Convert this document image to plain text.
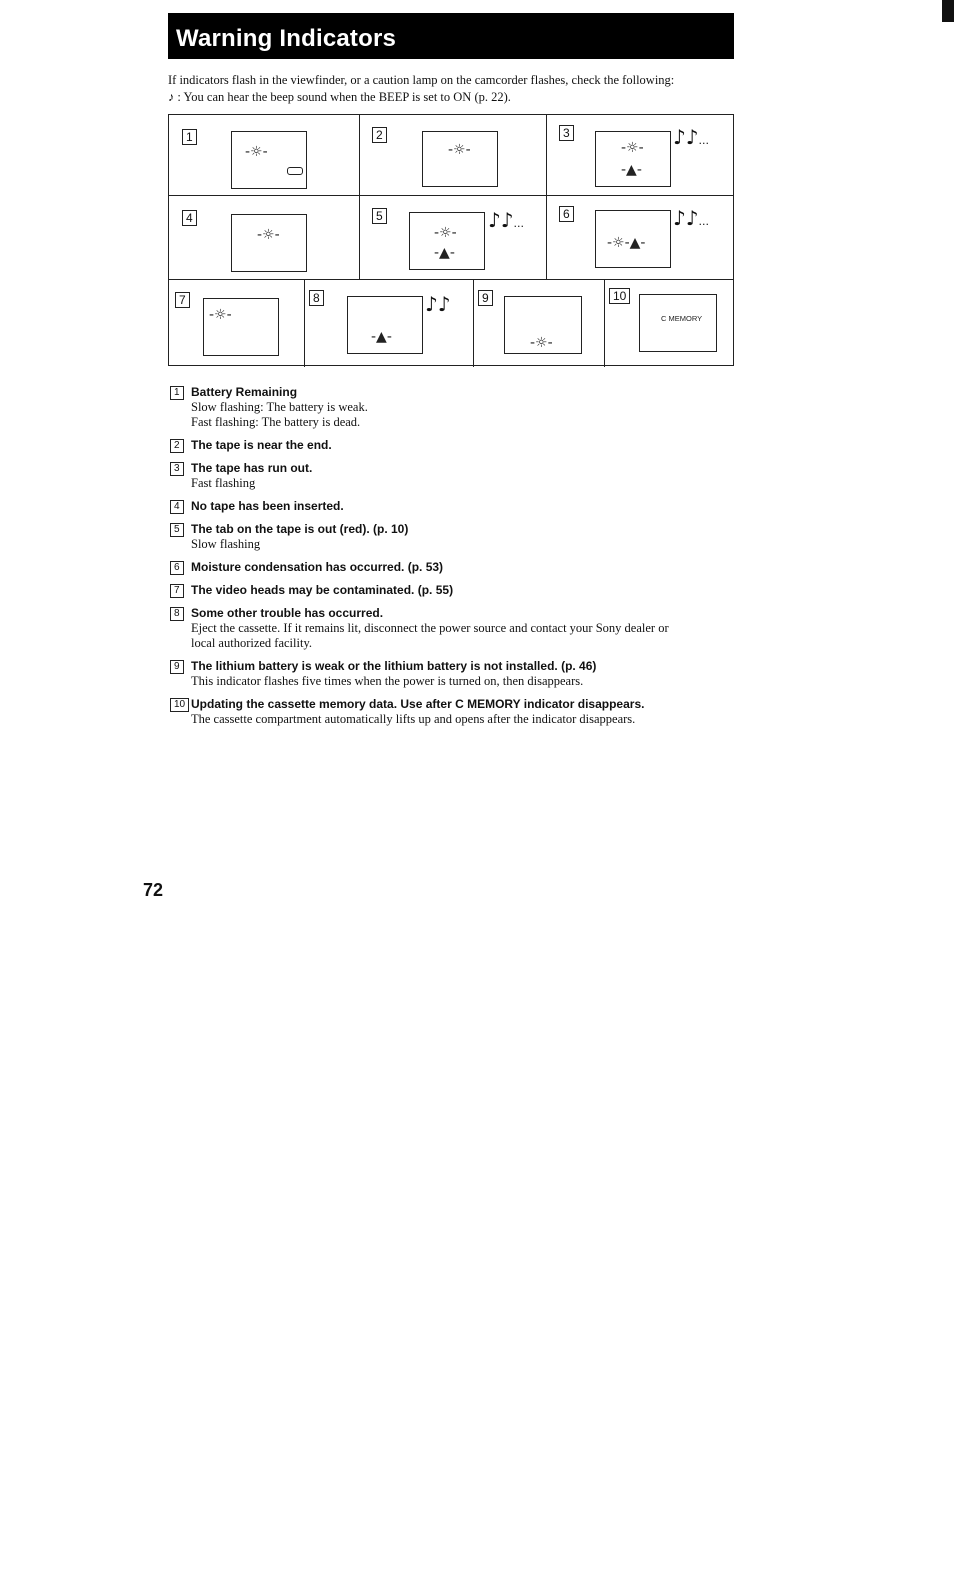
Warning Indicators

If indicators flash in the viewfinder, or a caution lamp on the camcorder flashes, check the following:

♪ : You can hear the beep sound when the BEEP is set to ON (p. 22).

1
-☼-
2
-☼-
3
-☼-
-▲-
♪♪...
4
-☼-
5
-☼-
-▲-
♪♪...
6
-☼-▲-
♪♪...
7
-☼-
8
-▲-
♪♪	9
-☼-
10
C MEMORY
1 Battery Remaining
Slow flashing: The battery is weak.
Fast flashing: The battery is dead.
2 The tape is near the end.
3 The tape has run out.
Fast flashing
4 No tape has been inserted.
5 The tab on the tape is out (red). (p. 10)
Slow flashing
6 Moisture condensation has occurred. (p. 53)
7 The video heads may be contaminated. (p. 55)
8 Some other trouble has occurred.
Eject the cassette. If it remains lit, disconnect the power source and contact your Sony dealer or
local authorized facility.
9 The lithium battery is weak or the lithium battery is not installed. (p. 46)
This indicator flashes five times when the power is turned on, then disappears.
10 Updating the cassette memory data. Use after C MEMORY indicator disappears.
The cassette compartment automatically lifts up and opens after the indicator disappears.
72
